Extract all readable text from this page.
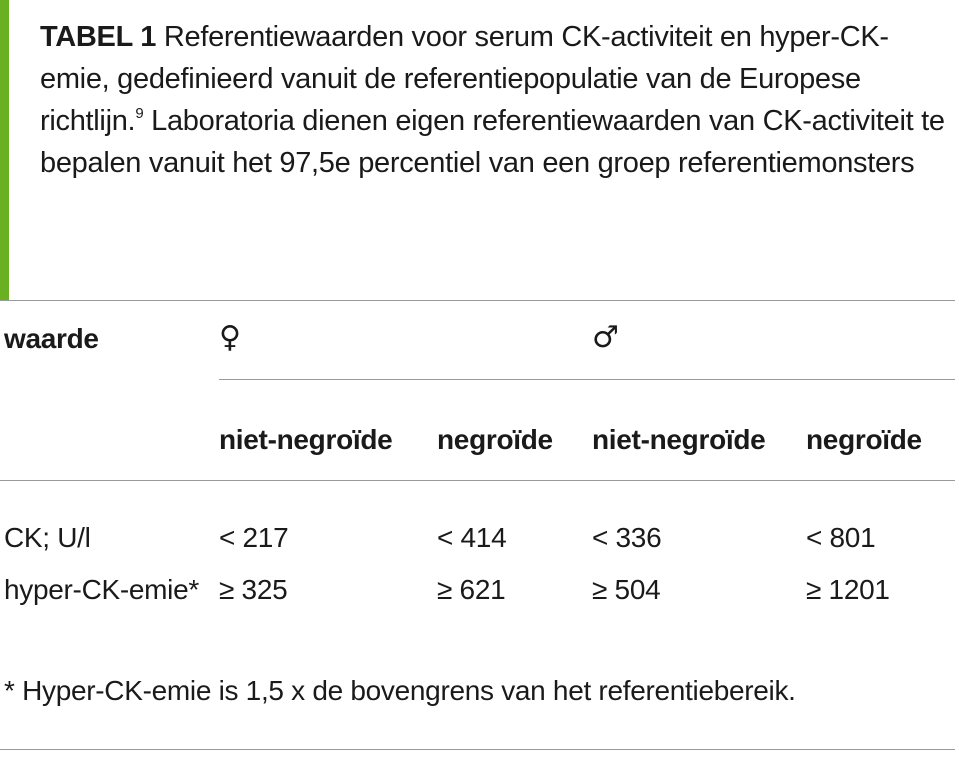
TABEL 1 Referentiewaarden voor serum CK-activiteit en hyper-CK-emie, gedefinieerd vanuit de referentiepopulatie van de Europese richtlijn.$^9$ Laboratoria dienen eigen referentiewaarden van CK-activiteit te bepalen vanuit het 97,5e percentiel van een groep referentiemonsters

waarde	♀	♂
niet-negroïde negroïde niet-negroïde negroïde
CK; U/l	< 217	< 414	< 336	< 801
hyper-CK-emie* ≥ 325	≥ 621	≥ 504	≥ 1201
* Hyper-CK-emie is 1,5 x de bovengrens van het referentiebereik.
